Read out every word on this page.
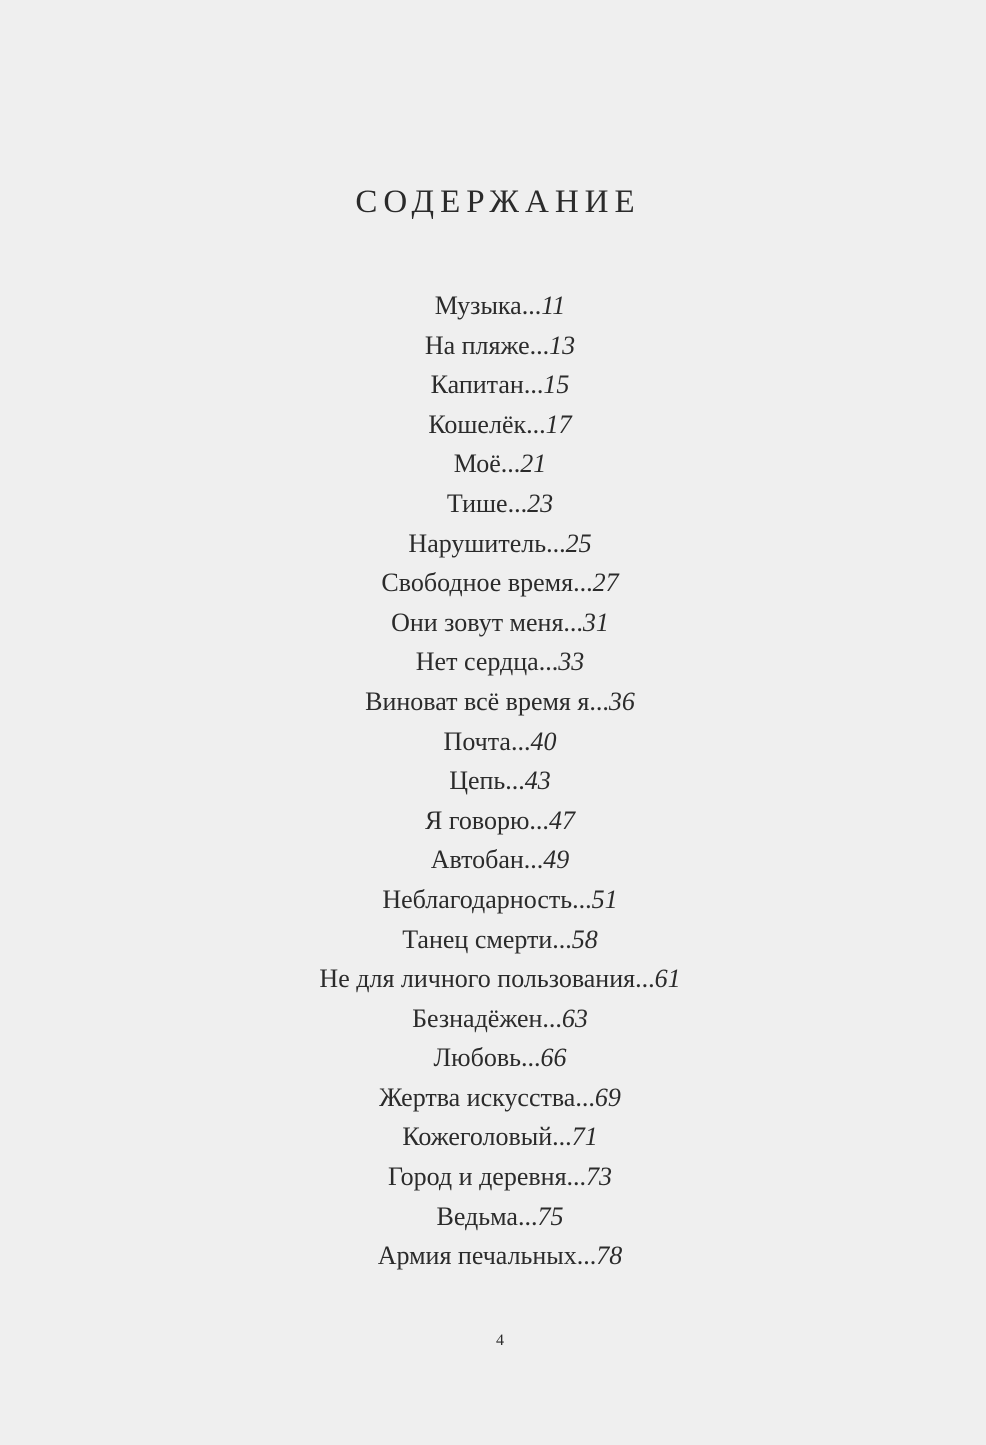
СОДЕРЖАНИЕ
Музыка...11
На пляже...13
Капитан...15
Кошелёк...17
Моё...21
Тише...23
Нарушитель...25
Свободное время...27
Они зовут меня...31
Нет сердца...33
Виноват всё время я...36
Почта...40
Цепь...43
Я говорю...47
Автобан...49
Неблагодарность...51
Танец смерти...58
Не для личного пользования...61
Безнадёжен...63
Любовь...66
Жертва искусства...69
Кожеголовый...71
Город и деревня...73
Ведьма...75
Армия печальных...78
4
